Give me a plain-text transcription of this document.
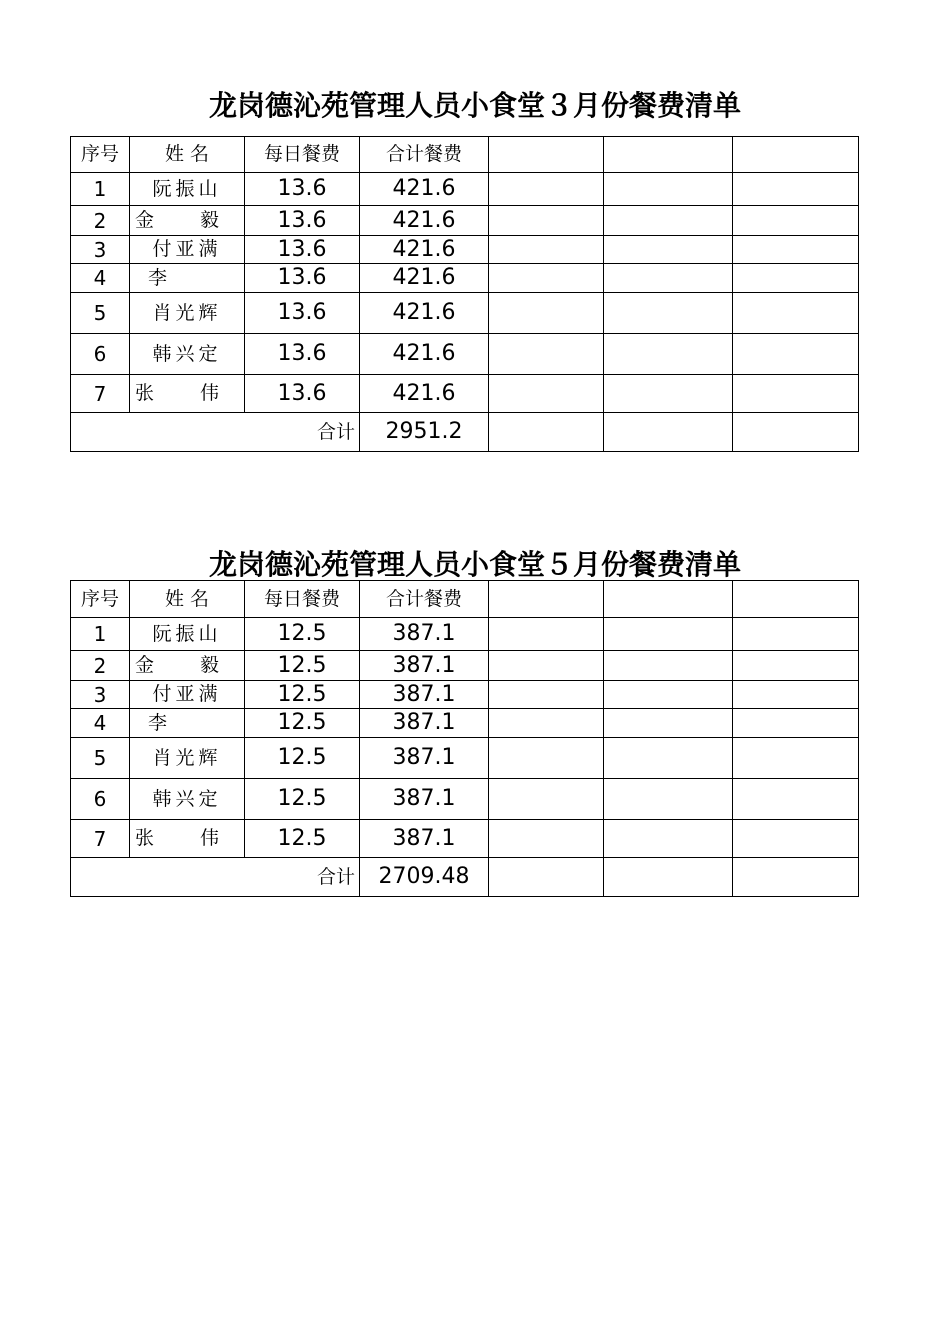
龙岗德沁苑管理人员小食堂３月份餐费清单
序号	姓 名	每日餐费	合计餐费			
1	阮振山	13.6	421.6			
2	金 毅	13.6	421.6			
3	付亚满	13.6	421.6			
4	李	13.6	421.6			
5	肖光辉	13.6	421.6			
6	韩兴定	13.6	421.6			
7	张 伟	13.6	421.6			
合计			2951.2			
龙岗德沁苑管理人员小食堂５月份餐费清单
序号	姓 名	每日餐费	合计餐费			
1	阮振山	12.5	387.1			
2	金 毅	12.5	387.1			
3	付亚满	12.5	387.1			
4	李	12.5	387.1			
5	肖光辉	12.5	387.1			
6	韩兴定	12.5	387.1			
7	张 伟	12.5	387.1			
合计			2709.48			
